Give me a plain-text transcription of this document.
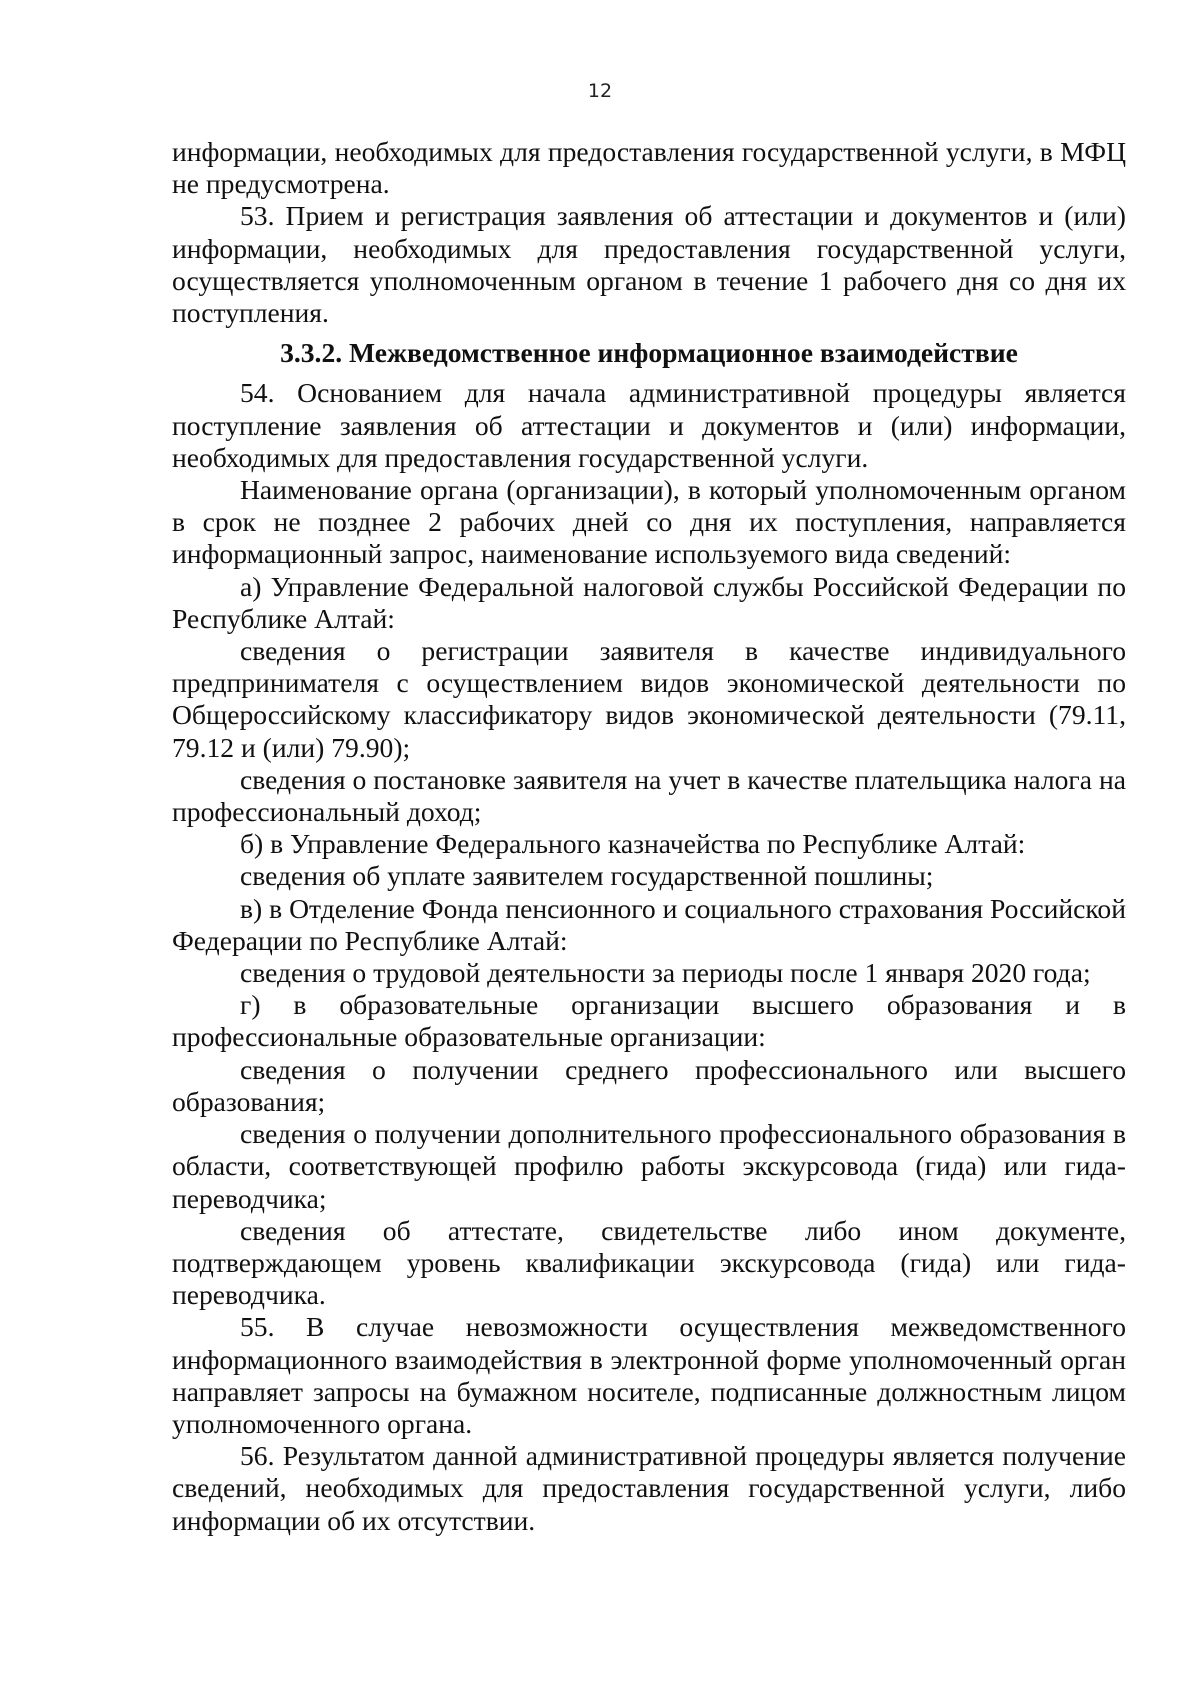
12

информации, необходимых для предоставления государственной услуги, в МФЦ не предусмотрена.

53. Прием и регистрация заявления об аттестации и документов и (или) информации, необходимых для предоставления государственной услуги, осуществляется уполномоченным органом в течение 1 рабочего дня со дня их поступления.

3.3.2. Межведомственное информационное взаимодействие

54. Основанием для начала административной процедуры является поступление заявления об аттестации и документов и (или) информации, необходимых для предоставления государственной услуги.

Наименование органа (организации), в который уполномоченным органом в срок не позднее 2 рабочих дней со дня их поступления, направляется информационный запрос, наименование используемого вида сведений:

а) Управление Федеральной налоговой службы Российской Федерации по Республике Алтай:

сведения о регистрации заявителя в качестве индивидуального предпринимателя с осуществлением видов экономической деятельности по Общероссийскому классификатору видов экономической деятельности (79.11, 79.12 и (или) 79.90);

сведения о постановке заявителя на учет в качестве плательщика налога на профессиональный доход;

б) в Управление Федерального казначейства по Республике Алтай:

сведения об уплате заявителем государственной пошлины;

в) в Отделение Фонда пенсионного и социального страхования Российской Федерации по Республике Алтай:

сведения о трудовой деятельности за периоды после 1 января 2020 года;

г) в образовательные организации высшего образования и в профессиональные образовательные организации:

сведения о получении среднего профессионального или высшего образования;

сведения о получении дополнительного профессионального образования в области, соответствующей профилю работы экскурсовода (гида) или гида-переводчика;

сведения об аттестате, свидетельстве либо ином документе, подтверждающем уровень квалификации экскурсовода (гида) или гида-переводчика.

55. В случае невозможности осуществления межведомственного информационного взаимодействия в электронной форме уполномоченный орган направляет запросы на бумажном носителе, подписанные должностным лицом уполномоченного органа.

56. Результатом данной административной процедуры является получение сведений, необходимых для предоставления государственной услуги, либо информации об их отсутствии.
